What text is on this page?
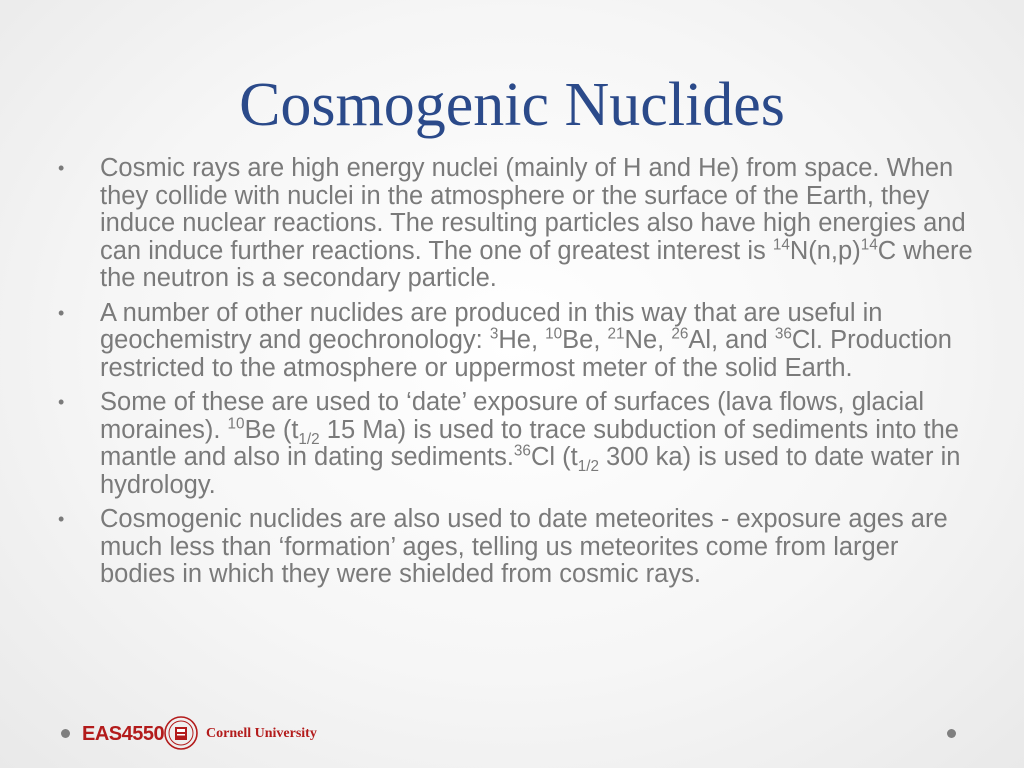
Cosmogenic Nuclides
• Cosmic rays are high energy nuclei (mainly of H and He) from space. When they collide with nuclei in the atmosphere or the surface of the Earth, they induce nuclear reactions. The resulting particles also have high energies and can induce further reactions. The one of greatest interest is $^{14}N(n,p)^{14}C$ where the neutron is a secondary particle.
• A number of other nuclides are produced in this way that are useful in geochemistry and geochronology: $^3$He, $^{10}$Be, $^{21}$Ne, $^{26}$Al, and $^{36}$Cl. Production restricted to the atmosphere or uppermost meter of the solid Earth.
• Some of these are used to ‘date’ exposure of surfaces (lava flows, glacial moraines). $^{10}$Be ($t_{1/2}$ 15 Ma) is used to trace subduction of sediments into the mantle and also in dating sediments.$^{36}$Cl ($t_{1/2}$ 300 ka) is used to date water in hydrology.
• Cosmogenic nuclides are also used to date meteorites - exposure ages are much less than ‘formation’ ages, telling us meteorites come from larger bodies in which they were shielded from cosmic rays.
EAS4550	Cornell University
